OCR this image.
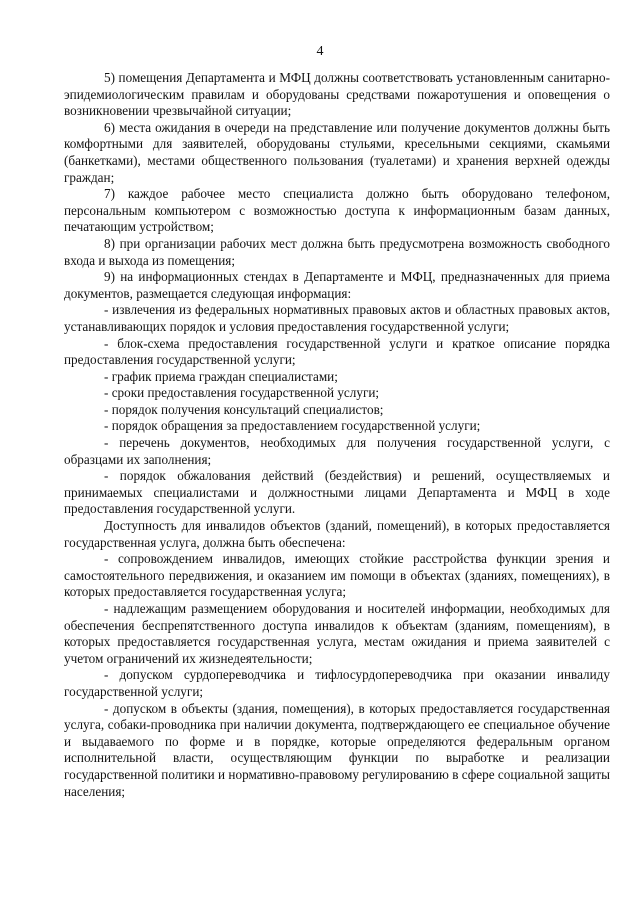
4

5) помещения Департамента и МФЦ должны соответствовать установленным санитарно-эпидемиологическим правилам и оборудованы средствами пожаротушения и оповещения о возникновении чрезвычайной ситуации;

6) места ожидания в очереди на представление или получение документов должны быть комфортными для заявителей, оборудованы стульями, кресельными секциями, скамьями (банкетками), местами общественного пользования (туалетами) и хранения верхней одежды граждан;

7) каждое рабочее место специалиста должно быть оборудовано телефоном, персональным компьютером с возможностью доступа к информационным базам данных, печатающим устройством;

8) при организации рабочих мест должна быть предусмотрена возможность свободного входа и выхода из помещения;

9) на информационных стендах в Департаменте и МФЦ, предназначенных для приема документов, размещается следующая информация:

- извлечения из федеральных нормативных правовых актов и областных правовых актов, устанавливающих порядок и условия предоставления государственной услуги;

- блок-схема предоставления государственной услуги и краткое описание порядка предоставления государственной услуги;

- график приема граждан специалистами;

- сроки предоставления государственной услуги;

- порядок получения консультаций специалистов;

- порядок обращения за предоставлением государственной услуги;

- перечень документов, необходимых для получения государственной услуги, с образцами их заполнения;

- порядок обжалования действий (бездействия) и решений, осуществляемых и принимаемых специалистами и должностными лицами Департамента и МФЦ в ходе предоставления государственной услуги.

Доступность для инвалидов объектов (зданий, помещений), в которых предоставляется государственная услуга, должна быть обеспечена:

- сопровождением инвалидов, имеющих стойкие расстройства функции зрения и самостоятельного передвижения, и оказанием им помощи в объектах (зданиях, помещениях), в которых предоставляется государственная услуга;

- надлежащим размещением оборудования и носителей информации, необходимых для обеспечения беспрепятственного доступа инвалидов к объектам (зданиям, помещениям), в которых предоставляется государственная услуга, местам ожидания и приема заявителей с учетом ограничений их жизнедеятельности;

- допуском сурдопереводчика и тифлосурдопереводчика при оказании инвалиду государственной услуги;

- допуском в объекты (здания, помещения), в которых предоставляется государственная услуга, собаки-проводника при наличии документа, подтверждающего ее специальное обучение и выдаваемого по форме и в порядке, которые определяются федеральным органом исполнительной власти, осуществляющим функции по выработке и реализации государственной политики и нормативно-правовому регулированию в сфере социальной защиты населения;
